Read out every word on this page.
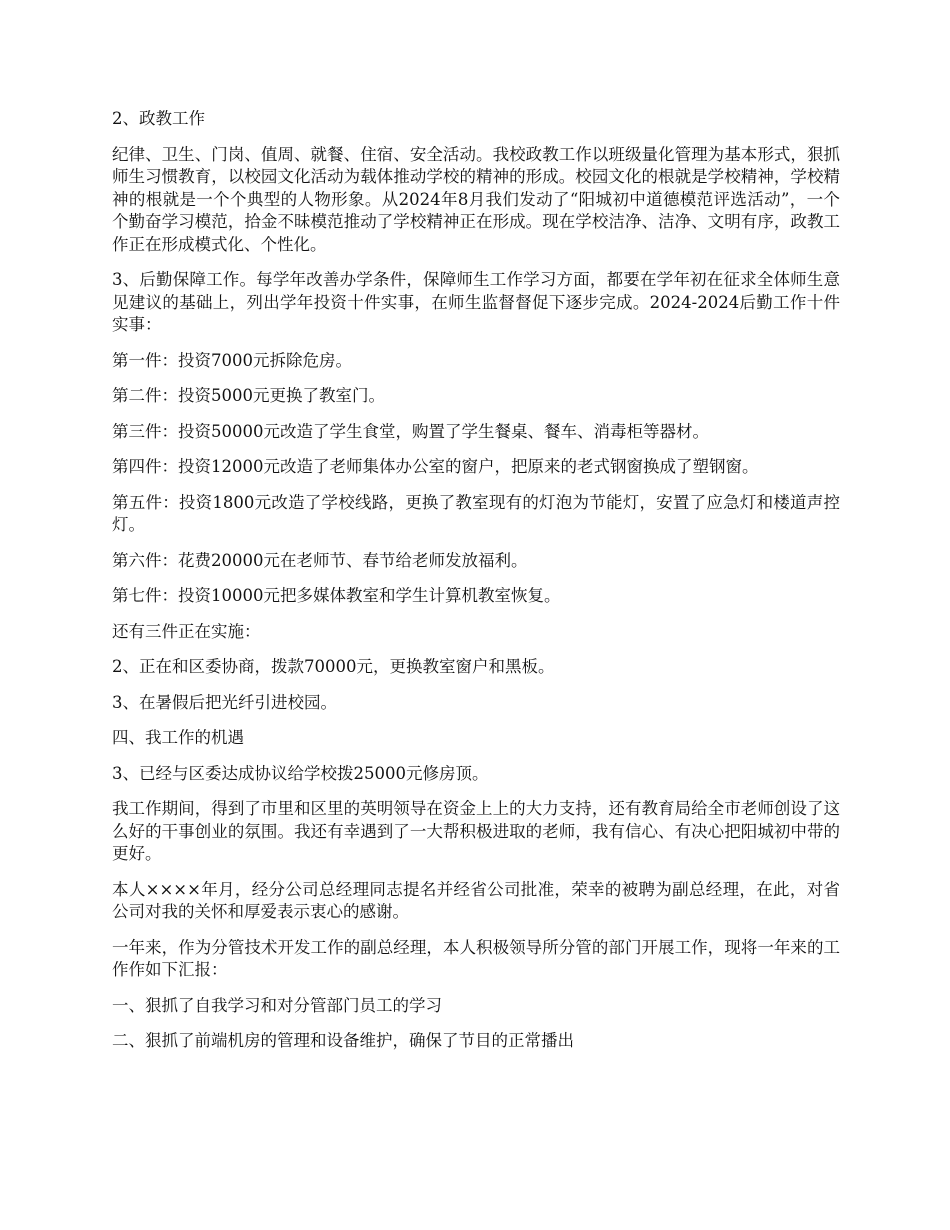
2、政教工作

纪律、卫生、门岗、值周、就餐、住宿、安全活动。我校政教工作以班级量化管理为基本形式，狠抓师生习惯教育，以校园文化活动为载体推动学校的精神的形成。校园文化的根就是学校精神，学校精神的根就是一个个典型的人物形象。从2024年8月我们发动了“阳城初中道德模范评选活动”，一个个勤奋学习模范，拾金不昧模范推动了学校精神正在形成。现在学校洁净、洁净、文明有序，政教工作正在形成模式化、个性化。

3、后勤保障工作。每学年改善办学条件，保障师生工作学习方面，都要在学年初在征求全体师生意见建议的基础上，列出学年投资十件实事，在师生监督督促下逐步完成。2024-2024后勤工作十件实事：

第一件：投资7000元拆除危房。

第二件：投资5000元更换了教室门。

第三件：投资50000元改造了学生食堂，购置了学生餐桌、餐车、消毒柜等器材。

第四件：投资12000元改造了老师集体办公室的窗户，把原来的老式钢窗换成了塑钢窗。

第五件：投资1800元改造了学校线路，更换了教室现有的灯泡为节能灯，安置了应急灯和楼道声控灯。

第六件：花费20000元在老师节、春节给老师发放福利。

第七件：投资10000元把多媒体教室和学生计算机教室恢复。

还有三件正在实施：

2、正在和区委协商，拨款70000元，更换教室窗户和黑板。

3、在暑假后把光纤引进校园。

四、我工作的机遇

3、已经与区委达成协议给学校拨25000元修房顶。

我工作期间，得到了市里和区里的英明领导在资金上上的大力支持，还有教育局给全市老师创设了这么好的干事创业的氛围。我还有幸遇到了一大帮积极进取的老师，我有信心、有决心把阳城初中带的更好。

本人××××年月，经分公司总经理同志提名并经省公司批准，荣幸的被聘为副总经理，在此，对省公司对我的关怀和厚爱表示衷心的感谢。

一年来，作为分管技术开发工作的副总经理，本人积极领导所分管的部门开展工作，现将一年来的工作作如下汇报：

一、狠抓了自我学习和对分管部门员工的学习

二、狠抓了前端机房的管理和设备维护，确保了节目的正常播出
